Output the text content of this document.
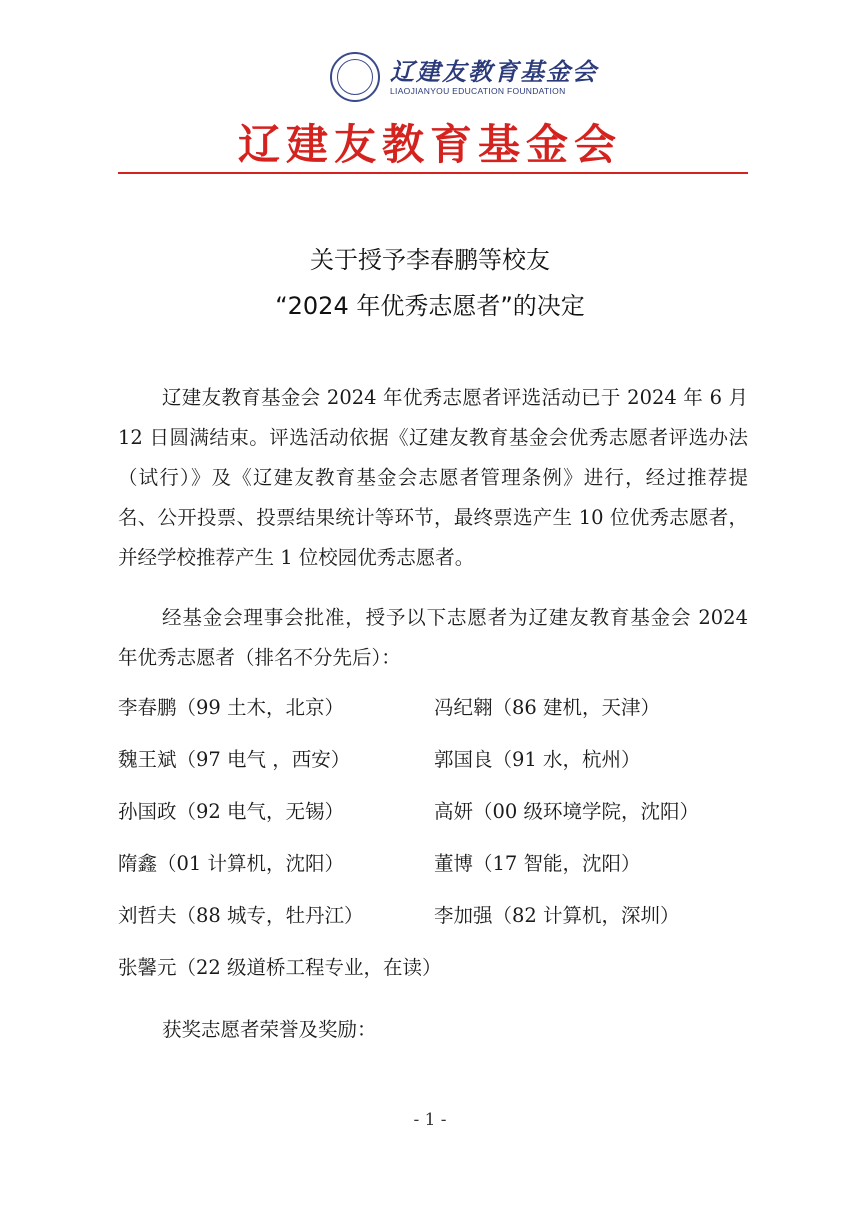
辽建友教育基金会
LIAOJIANYOU EDUCATION FOUNDATION
辽建友教育基金会
关于授予李春鹏等校友
“2024 年优秀志愿者”的决定
辽建友教育基金会 2024 年优秀志愿者评选活动已于 2024 年 6 月 12 日圆满结束。评选活动依据《辽建友教育基金会优秀志愿者评选办法（试行）》及《辽建友教育基金会志愿者管理条例》进行，经过推荐提名、公开投票、投票结果统计等环节，最终票选产生 10 位优秀志愿者，并经学校推荐产生 1 位校园优秀志愿者。
经基金会理事会批准，授予以下志愿者为辽建友教育基金会 2024 年优秀志愿者（排名不分先后）：
李春鹏（99 土木，北京）	冯纪翱（86 建机，天津）
魏王斌（97 电气 ，西安）	郭国良（91 水，杭州）
孙国政（92 电气，无锡）	高妍（00 级环境学院，沈阳）
隋鑫（01 计算机，沈阳）	董博（17 智能，沈阳）
刘哲夫（88 城专，牡丹江）	李加强（82 计算机，深圳）
张馨元（22 级道桥工程专业，在读）
获奖志愿者荣誉及奖励：
- 1 -
